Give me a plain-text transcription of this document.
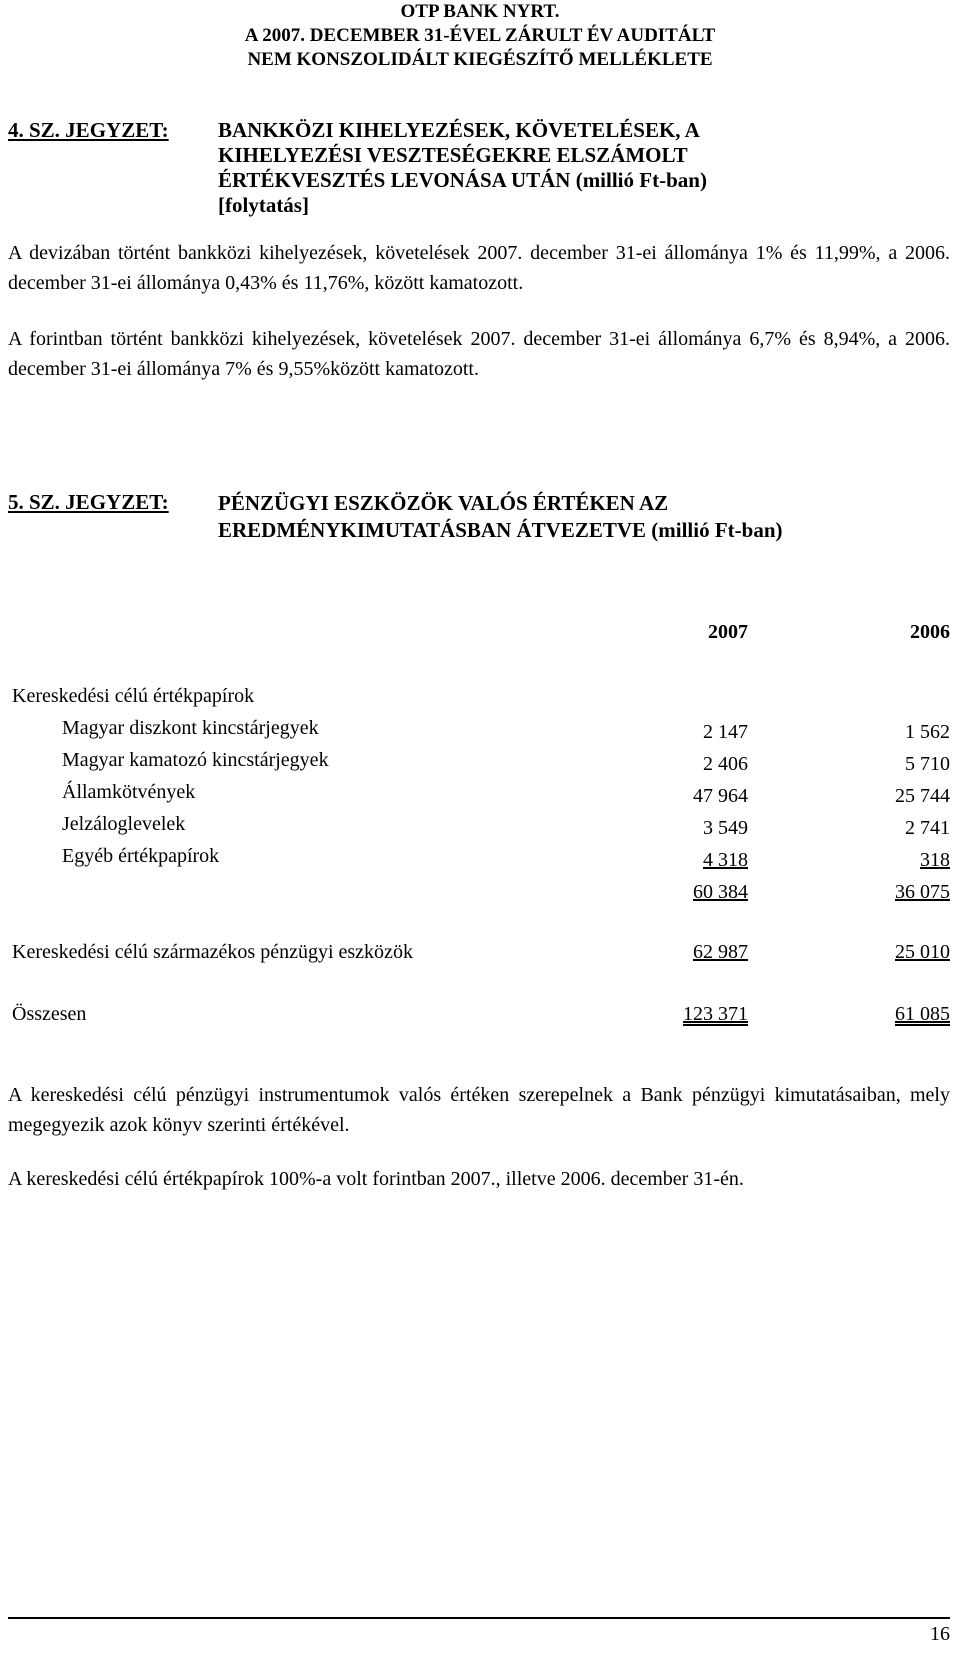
OTP BANK NYRT.
A 2007. DECEMBER 31-ÉVEL ZÁRULT ÉV AUDITÁLT
NEM KONSZOLIDÁLT KIEGÉSZÍTŐ MELLÉKLETE
4. SZ. JEGYZET: BANKKÖZI KIHELYEZÉSEK, KÖVETELÉSEK, A
KIHELYEZÉSI VESZTESÉGEKRE ELSZÁMOLT
ÉRTÉKVESZTÉS LEVONÁSA UTÁN (millió Ft-ban)
[folytatás]
A devizában történt bankközi kihelyezések, követelések 2007. december 31-ei állománya 1% és 11,99%, a 2006. december 31-ei állománya 0,43% és 11,76%, között kamatozott.
A forintban történt bankközi kihelyezések, követelések 2007. december 31-ei állománya 6,7% és 8,94%, a 2006. december 31-ei állománya 7% és 9,55%között kamatozott.
5. SZ. JEGYZET: PÉNZÜGYI ESZKÖZÖK VALÓS ÉRTÉKEN AZ
EREDMÉNYKIMUTATÁSBAN ÁTVEZETVE (millió Ft-ban)
2007	2006
Kereskedési célú értékpapírok
Magyar diszkont kincstárjegyek	2 147	1 562
Magyar kamatozó kincstárjegyek	2 406	5 710
Államkötvények	47 964	25 744
Jelzáloglevelek	3 549	2 741
Egyéb értékpapírok	4 318	318
60 384	36 075
Kereskedési célú származékos pénzügyi eszközök	62 987	25 010
Összesen	123 371	61 085
A kereskedési célú pénzügyi instrumentumok valós értéken szerepelnek a Bank pénzügyi kimutatásaiban, mely megegyezik azok könyv szerinti értékével.
A kereskedési célú értékpapírok 100%-a volt forintban 2007., illetve 2006. december 31-én.
16
